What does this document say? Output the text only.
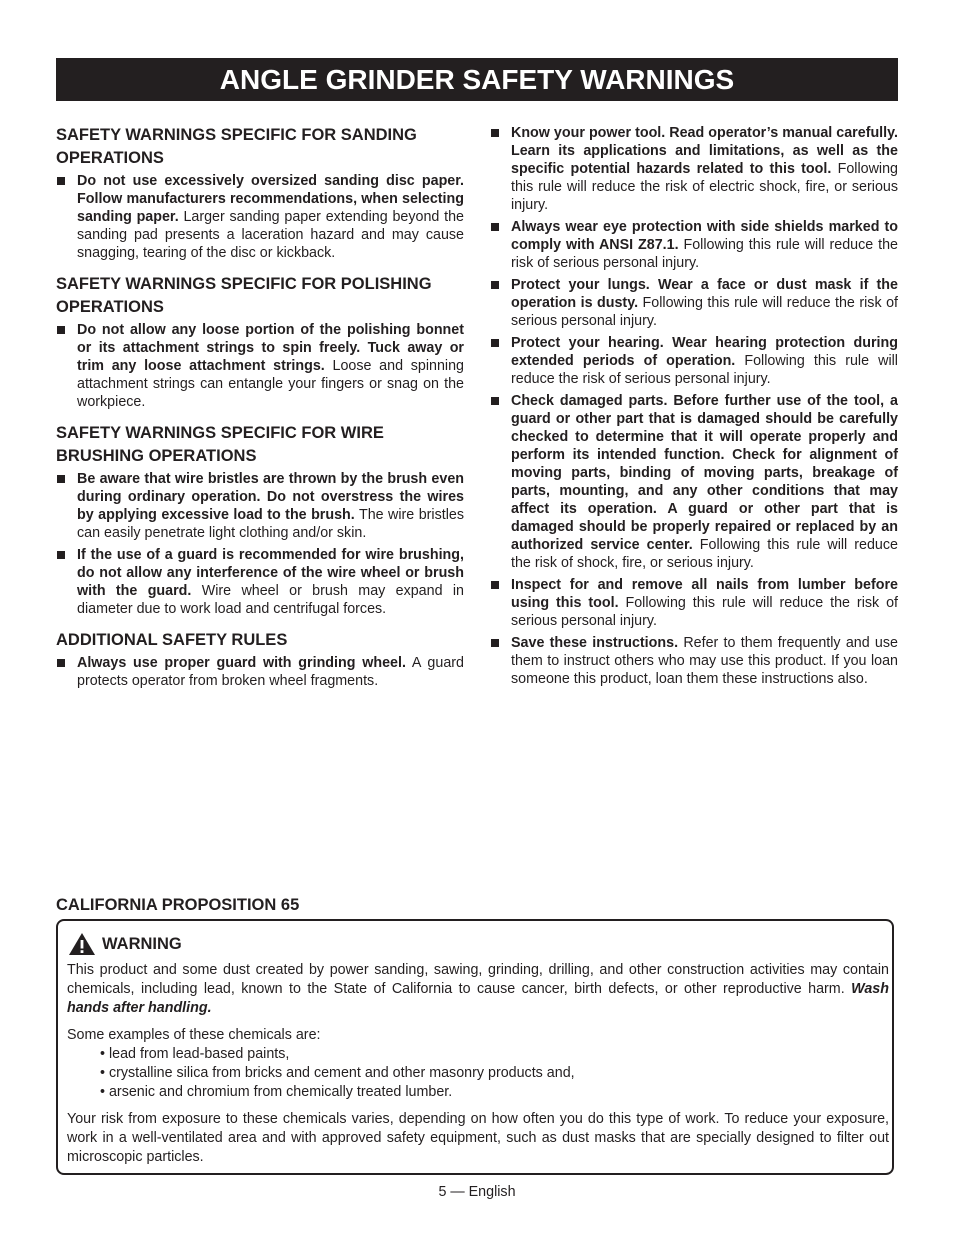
ANGLE GRINDER SAFETY WARNINGS
SAFETY WARNINGS SPECIFIC FOR SANDING OPERATIONS
Do not use excessively oversized sanding disc paper. Follow manufacturers recommendations, when selecting sanding paper. Larger sanding paper extending beyond the sanding pad presents a laceration hazard and may cause snagging, tearing of the disc or kickback.
SAFETY WARNINGS SPECIFIC FOR POLISHING OPERATIONS
Do not allow any loose portion of the polishing bonnet or its attachment strings to spin freely. Tuck away or trim any loose attachment strings. Loose and spinning attachment strings can entangle your fingers or snag on the workpiece.
SAFETY WARNINGS SPECIFIC FOR WIRE BRUSHING OPERATIONS
Be aware that wire bristles are thrown by the brush even during ordinary operation. Do not overstress the wires by applying excessive load to the brush. The wire bristles can easily penetrate light clothing and/or skin.
If the use of a guard is recommended for wire brushing, do not allow any interference of the wire wheel or brush with the guard. Wire wheel or brush may expand in diameter due to work load and centrifugal forces.
ADDITIONAL SAFETY RULES
Always use proper guard with grinding wheel. A guard protects operator from broken wheel fragments.
Know your power tool. Read operator’s manual carefully. Learn its applications and limitations, as well as the specific potential hazards related to this tool. Following this rule will reduce the risk of electric shock, fire, or serious injury.
Always wear eye protection with side shields marked to comply with ANSI Z87.1. Following this rule will reduce the risk of serious personal injury.
Protect your lungs. Wear a face or dust mask if the operation is dusty. Following this rule will reduce the risk of serious personal injury.
Protect your hearing. Wear hearing protection during extended periods of operation. Following this rule will reduce the risk of serious personal injury.
Check damaged parts. Before further use of the tool, a guard or other part that is damaged should be carefully checked to determine that it will operate properly and perform its intended function. Check for alignment of moving parts, binding of moving parts, breakage of parts, mounting, and any other conditions that may affect its operation. A guard or other part that is damaged should be properly repaired or replaced by an authorized service center. Following this rule will reduce the risk of shock, fire, or serious injury.
Inspect for and remove all nails from lumber before using this tool. Following this rule will reduce the risk of serious personal injury.
Save these instructions. Refer to them frequently and use them to instruct others who may use this product. If you loan someone this product, loan them these instructions also.
CALIFORNIA PROPOSITION 65
WARNING

This product and some dust created by power sanding, sawing, grinding, drilling, and other construction activities may contain chemicals, including lead, known to the State of California to cause cancer, birth defects, or other reproductive harm. Wash hands after handling.

Some examples of these chemicals are:

• lead from lead-based paints,
• crystalline silica from bricks and cement and other masonry products and,
• arsenic and chromium from chemically treated lumber.

Your risk from exposure to these chemicals varies, depending on how often you do this type of work. To reduce your exposure, work in a well-ventilated area and with approved safety equipment, such as dust masks that are specially designed to filter out microscopic particles.

5 — English
